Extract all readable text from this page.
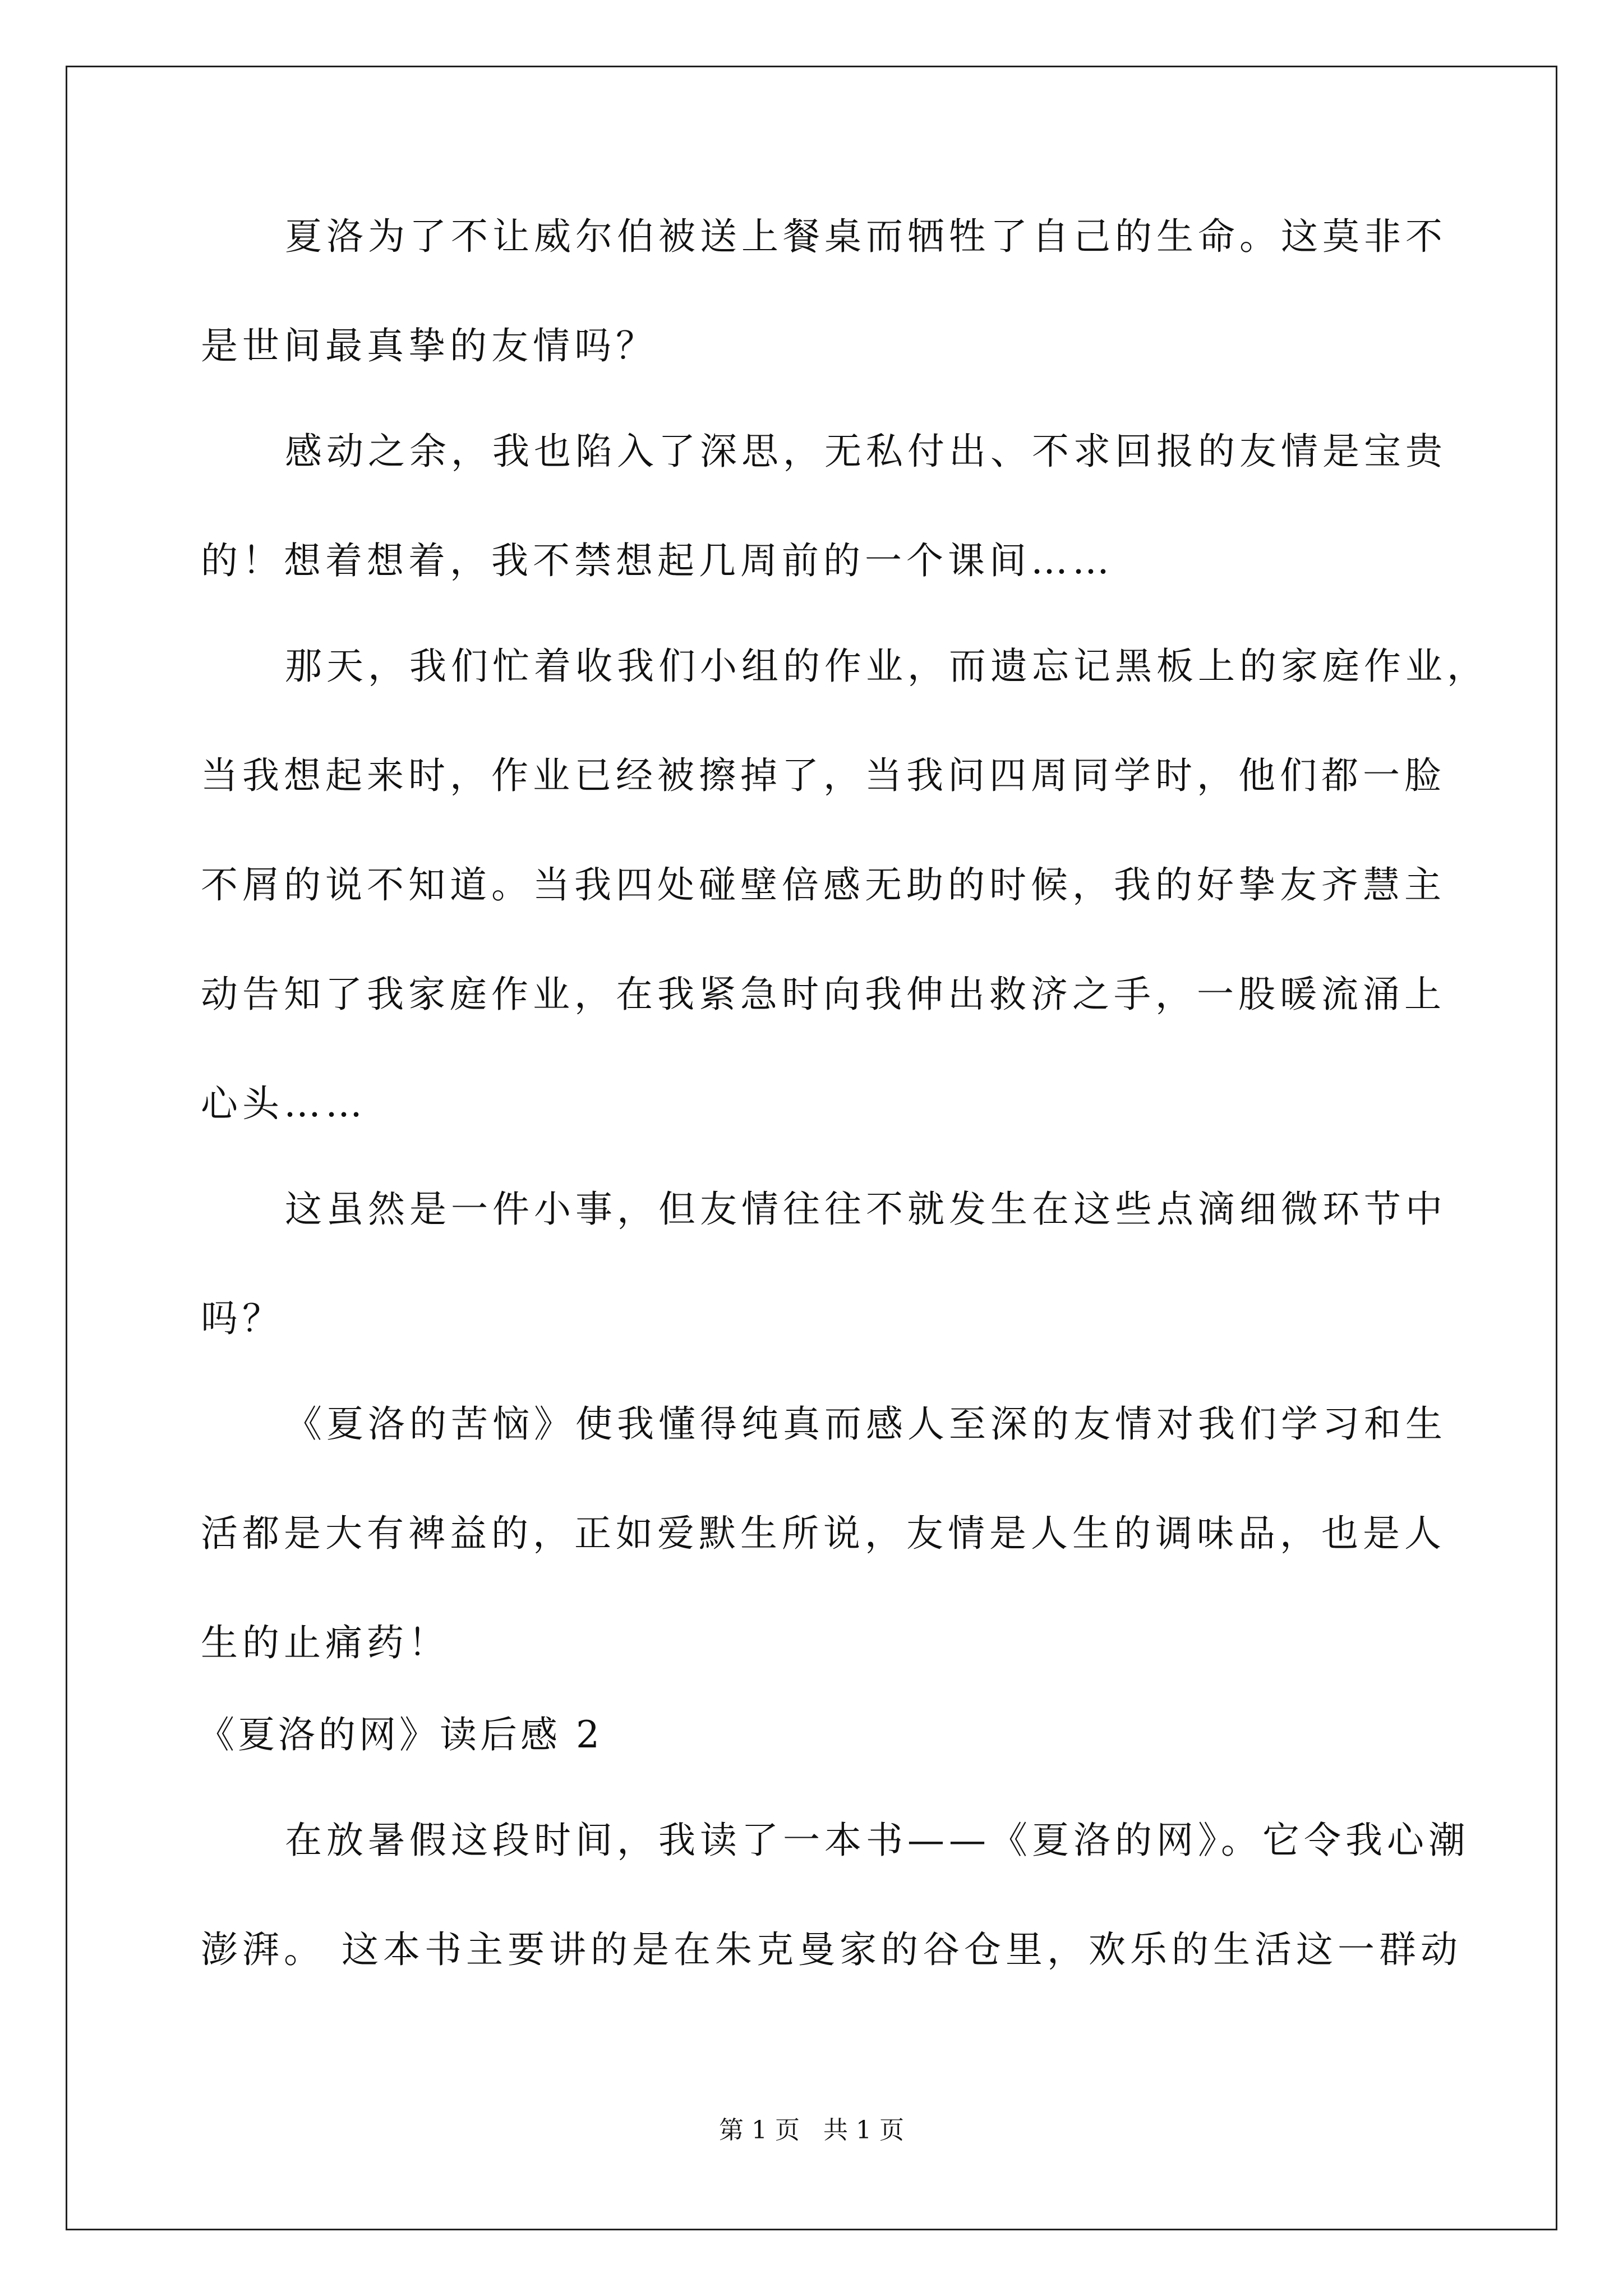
夏洛为了不让威尔伯被送上餐桌而牺牲了自己的生命。这莫非不
是世间最真挚的友情吗？
感动之余，我也陷入了深思，无私付出、不求回报的友情是宝贵
的！想着想着，我不禁想起几周前的一个课间……
那天，我们忙着收我们小组的作业，而遗忘记黑板上的家庭作业，
当我想起来时，作业已经被擦掉了，当我问四周同学时，他们都一脸
不屑的说不知道。当我四处碰壁倍感无助的时候，我的好挚友齐慧主
动告知了我家庭作业，在我紧急时向我伸出救济之手，一股暖流涌上
心头……
这虽然是一件小事，但友情往往不就发生在这些点滴细微环节中
吗？
《夏洛的苦恼》使我懂得纯真而感人至深的友情对我们学习和生
活都是大有裨益的，正如爱默生所说，友情是人生的调味品，也是人
生的止痛药！
《夏洛的网》读后感 2
在放暑假这段时间，我读了一本书——《夏洛的网》。它令我心潮
澎湃。 这本书主要讲的是在朱克曼家的谷仓里，欢乐的生活这一群动
第 1 页 共 1 页
